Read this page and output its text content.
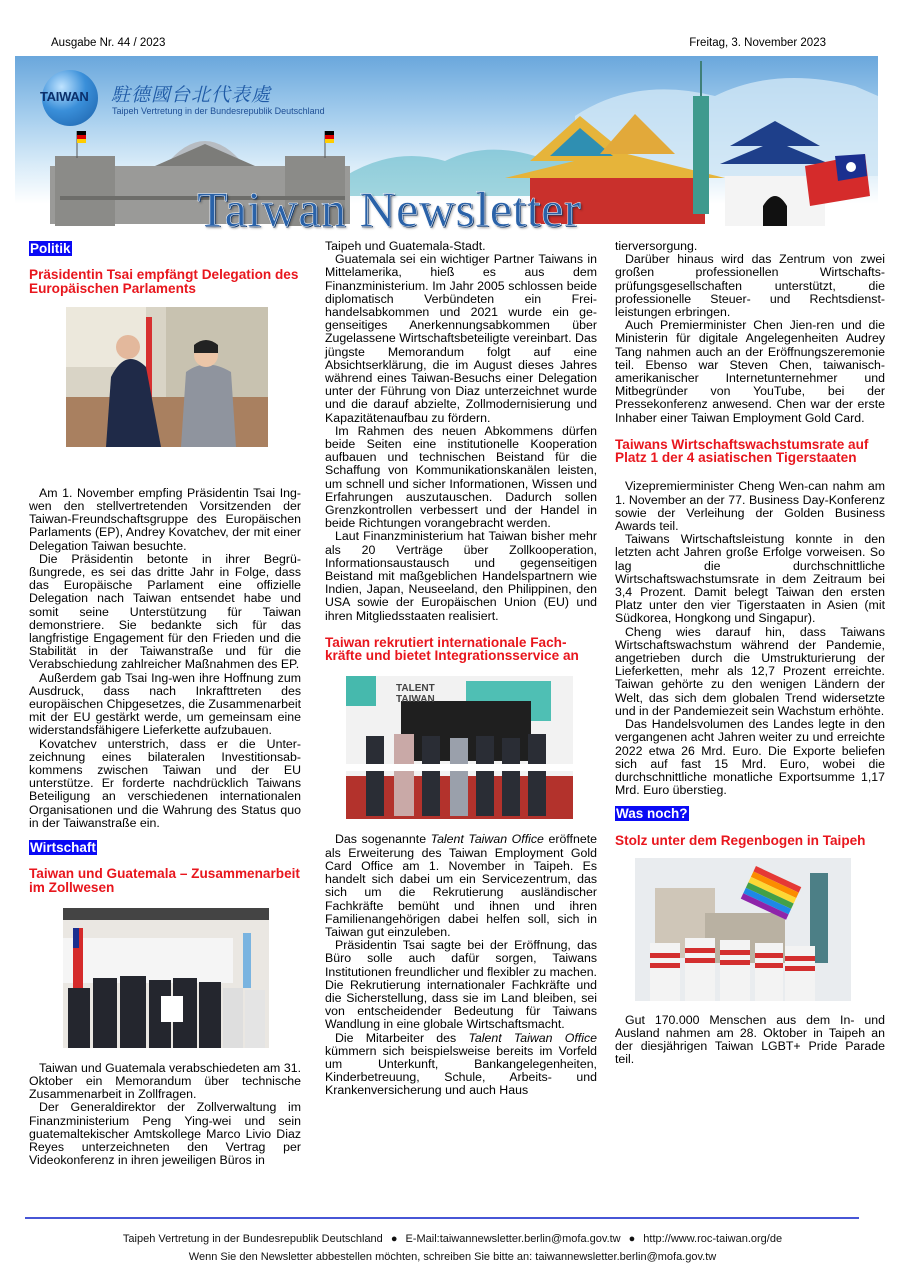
Ausgabe Nr. 44 / 2023	Freitag, 3. November 2023
TAIWAN 駐德國台北代表處
Taipeh Vertretung in der Bundesrepublik Deutschland
Taiwan Newsletter
Politik
Präsidentin Tsai empfängt Delegation des Europäischen Parlaments

Am 1. November empfing Präsidentin Tsai Ing-wen den stellvertretenden Vorsitzenden der Taiwan-Freundschaftsgruppe des Europäischen Parlaments (EP), Andrey Kovatchev, der mit einer Delegation Taiwan besuchte.

Die Präsidentin betonte in ihrer Begrüßungrede, es sei das dritte Jahr in Folge, dass das Europäische Parlament eine offizielle Delegation nach Taiwan entsendet habe und somit seine Unterstützung für Taiwan demonstriere. Sie bedankte sich für das langfristige Engagement für den Frieden und die Stabilität in der Taiwanstraße und für die Verabschiedung zahlreicher Maßnahmen des EP.

Außerdem gab Tsai Ing-wen ihre Hoffnung zum Ausdruck, dass nach Inkrafttreten des europäischen Chipgesetzes, die Zusammenarbeit mit der EU gestärkt werde, um gemeinsam eine widerstandsfähigere Lieferkette aufzubauen.

Kovatchev unterstrich, dass er die Unterzeichnung eines bilateralen Investitionsabkommens zwischen Taiwan und der EU unterstütze. Er forderte nachdrücklich Taiwans Beteiligung an verschiedenen internationalen Organisationen und die Wahrung des Status quo in der Taiwanstraße ein.

Wirtschaft
Taiwan und Guatemala – Zusammenarbeit im Zollwesen

Taiwan und Guatemala verabschiedeten am 31. Oktober ein Memorandum über technische Zusammenarbeit in Zollfragen.

Der Generaldirektor der Zollverwaltung im Finanzministerium Peng Ying-wei und sein guatemaltekischer Amtskollege Marco Livio Diaz Reyes unterzeichneten den Vertrag per Videokonferenz in ihren jeweiligen Büros in

Taipeh und Guatemala-Stadt.

Guatemala sei ein wichtiger Partner Taiwans in Mittelamerika, hieß es aus dem Finanzministerium. Im Jahr 2005 schlossen beide diplomatisch Verbündeten ein Freihandelsabkommen und 2021 wurde ein gegenseitiges Anerkennungsabkommen über Zugelassene Wirtschaftsbeteiligte vereinbart. Das jüngste Memorandum folgt auf eine Absichtserklärung, die im August dieses Jahres während eines Taiwan-Besuchs einer Delegation unter der Führung von Diaz unterzeichnet wurde und die darauf abzielte, Zollmodernisierung und Kapazitätenaufbau zu fördern.

Im Rahmen des neuen Abkommens dürfen beide Seiten eine institutionelle Kooperation aufbauen und technischen Beistand für die Schaffung von Kommunikationskanälen leisten, um schnell und sicher Informationen, Wissen und Erfahrungen auszutauschen. Dadurch sollen Grenzkontrollen verbessert und der Handel in beide Richtungen vorangebracht werden.

Laut Finanzministerium hat Taiwan bisher mehr als 20 Verträge über Zollkooperation, Informationsaustausch und gegenseitigen Beistand mit maßgeblichen Handelspartnern wie Indien, Japan, Neuseeland, den Philippinen, den USA sowie der Europäischen Union (EU) und ihren Mitgliedsstaaten realisiert.

Taiwan rekrutiert internationale Fachkräfte und bietet Integrationsservice an
TALENT TAIWAN

Das sogenannte Talent Taiwan Office eröffnete als Erweiterung des Taiwan Employment Gold Card Office am 1. November in Taipeh. Es handelt sich dabei um ein Servicezentrum, das sich um die Rekrutierung ausländischer Fachkräfte bemüht und ihnen und ihren Familienangehörigen dabei helfen soll, sich in Taiwan gut einzuleben.

Präsidentin Tsai sagte bei der Eröffnung, das Büro solle auch dafür sorgen, Taiwans Institutionen freundlicher und flexibler zu machen. Die Rekrutierung internationaler Fachkräfte und die Sicherstellung, dass sie im Land bleiben, sei von entscheidender Bedeutung für Taiwans Wandlung in eine globale Wirtschaftsmacht.

Die Mitarbeiter des Talent Taiwan Office kümmern sich beispielsweise bereits im Vorfeld um Unterkunft, Bankangelegenheiten, Kinderbetreuung, Schule, Arbeits- und Krankenversicherung und auch Haus

tierversorgung.

Darüber hinaus wird das Zentrum von zwei großen professionellen Wirtschaftsprüfungsgesellschaften unterstützt, die professionelle Steuer- und Rechtsdienstleistungen erbringen.

Auch Premierminister Chen Jien-ren und die Ministerin für digitale Angelegenheiten Audrey Tang nahmen auch an der Eröffnungszeremonie teil. Ebenso war Steven Chen, taiwanisch-amerikanischer Internetunternehmer und Mitbegründer von YouTube, bei der Pressekonferenz anwesend. Chen war der erste Inhaber einer Taiwan Employment Gold Card.

Taiwans Wirtschaftswachstumsrate auf Platz 1 der 4 asiatischen Tigerstaaten

Vizepremierminister Cheng Wen-can nahm am 1. November an der 77. Business Day-Konferenz sowie der Verleihung der Golden Business Awards teil.

Taiwans Wirtschaftsleistung konnte in den letzten acht Jahren große Erfolge vorweisen. So lag die durchschnittliche Wirtschaftswachstumsrate in dem Zeitraum bei 3,4 Prozent. Damit belegt Taiwan den ersten Platz unter den vier Tigerstaaten in Asien (mit Südkorea, Hongkong und Singapur).

Cheng wies darauf hin, dass Taiwans Wirtschaftswachstum während der Pandemie, angetrieben durch die Umstrukturierung der Lieferketten, mehr als 12,7 Prozent erreichte. Taiwan gehörte zu den wenigen Ländern der Welt, das sich dem globalen Trend widersetzte und in der Pandemiezeit sein Wachstum erhöhte.

Das Handelsvolumen des Landes legte in den vergangenen acht Jahren weiter zu und erreichte 2022 etwa 26 Mrd. Euro. Die Exporte beliefen sich auf fast 15 Mrd. Euro, wobei die durchschnittliche monatliche Exportsumme 1,17 Mrd. Euro überstieg.

Was noch?
Stolz unter dem Regenbogen in Taipeh

Gut 170.000 Menschen aus dem In- und Ausland nahmen am 28. Oktober in Taipeh an der diesjährigen Taiwan LGBT+ Pride Parade teil.

Taipeh Vertretung in der Bundesrepublik Deutschland ● E-Mail:taiwannewsletter.berlin@mofa.gov.tw ● http://www.roc-taiwan.org/de
Wenn Sie den Newsletter abbestellen möchten, schreiben Sie bitte an: taiwannewsletter.berlin@mofa.gov.tw
